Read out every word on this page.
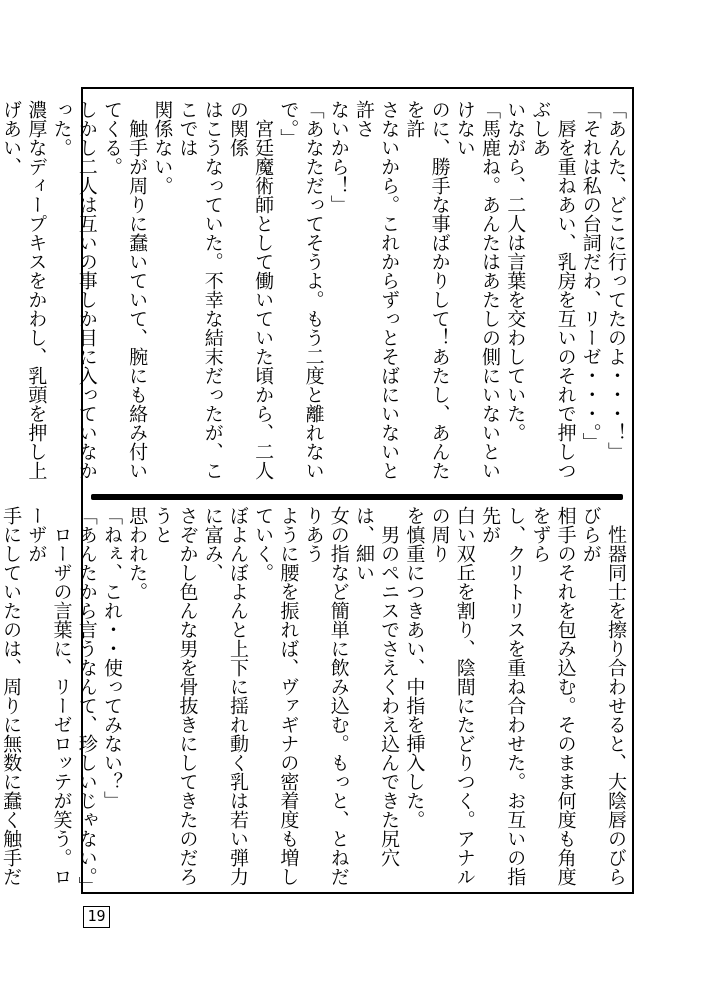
「あんた、どこに行ってたのよ・・・！」
「それは私の台詞だわ、リーゼ・・・。」
　唇を重ねあい、乳房を互いのそれで押しつぶしあ
いながら、二人は言葉を交わしていた。
「馬鹿ね。あんたはあたしの側にいないといけない
のに、勝手な事ばかりして！あたし、あんたを許
さないから。これからずっとそばにいないと許さ
ないから！」
「あなただってそうよ。もう二度と離れないで。」
　宮廷魔術師として働いていた頃から、二人の関係
はこうなっていた。不幸な結末だったが、ここでは
関係ない。
　触手が周りに蠢いていて、腕にも絡み付いてくる。
しかし二人は互いの事しか目に入っていなかった。
濃厚なディープキスをかわし、乳頭を押し上げあい、
　性器同士を擦り合わせると、大陰唇のびらびらが
相手のそれを包み込む。そのまま何度も角度をずら
し、クリトリスを重ね合わせた。お互いの指先が
白い双丘を割り、陰間にたどりつく。アナルの周り
を慎重につきあい、中指を挿入した。
　男のペニスでさえくわえ込んできた尻穴は、細い
女の指など簡単に飲み込む。もっと、とねだりあう
ように腰を振れば、ヴァギナの密着度も増していく。
ぼよんぼよんと上下に揺れ動く乳は若い弾力に富み、
さぞかし色んな男を骨抜きにしてきたのだろうと
思われた。
「ねぇ、これ・・使ってみない？」
「あんたから言うなんて、珍しいじゃない。」
　ローザの言葉に、リーゼロッテが笑う。ローザが
手にしていたのは、周りに無数に蠢く触手だ
19
